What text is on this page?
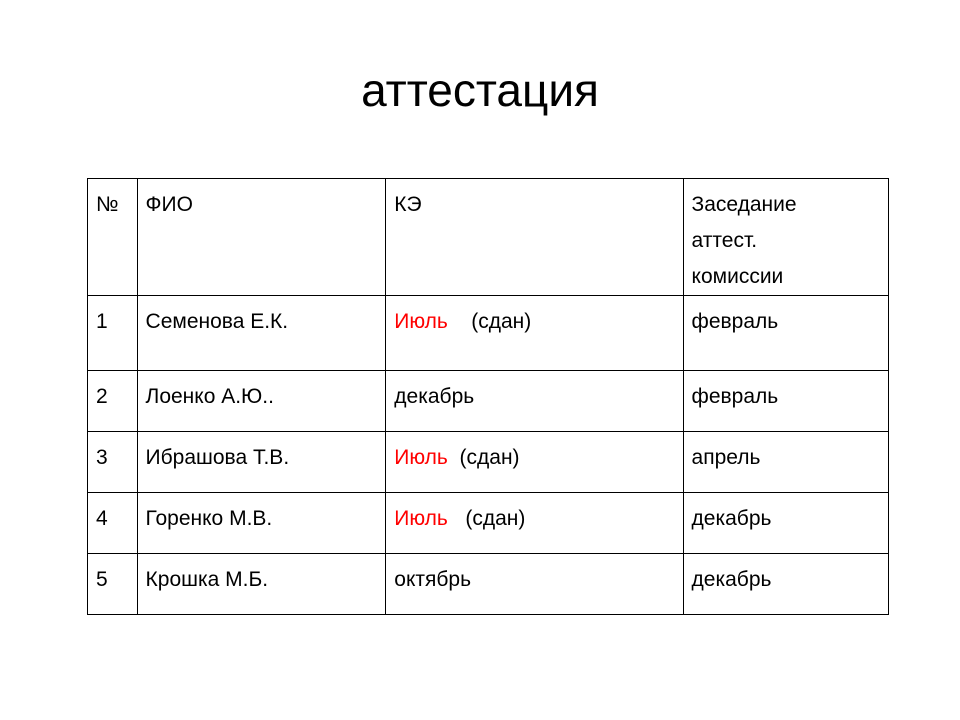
аттестация
№	ФИО	КЭ	Заседание
аттест.
комиссии

1	Семенова Е.К.	Июль    (сдан)	февраль
2	Лоенко А.Ю..	декабрь	февраль
3	Ибрашова Т.В.	Июль  (сдан)	апрель
4	Горенко М.В.	Июль   (сдан)	декабрь
5	Крошка М.Б.	октябрь	декабрь
